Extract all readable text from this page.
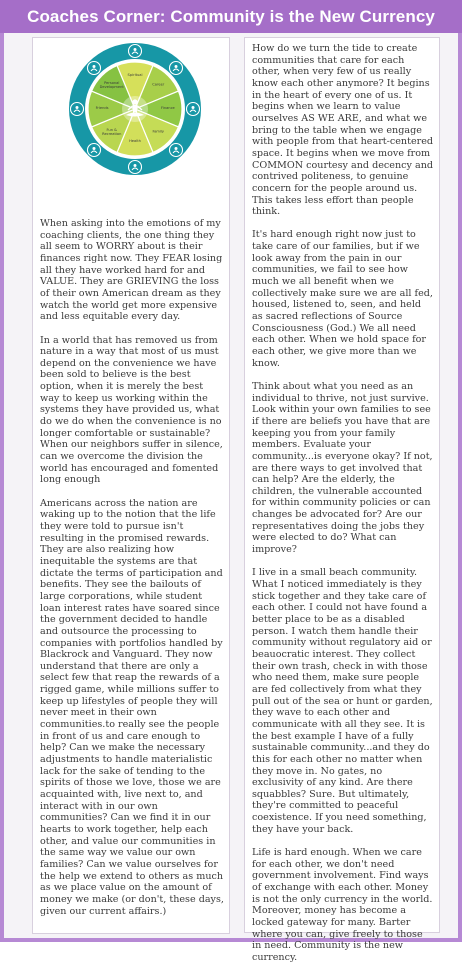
Coaches Corner: Community is the New Currency
Spiritual
Career
Finance
Family
Health
Fun & Recreation
Friends
Personal Development

When asking into the emotions of my coaching clients, the one thing they all seem to WORRY about is their finances right now. They FEAR losing all they have worked hard for and VALUE. They are GRIEVING the loss of their own American dream as they watch the world get more expensive and less equitable every day.

In a world that has removed us from nature in a way that most of us must depend on the convenience we have been sold to believe is the best option, when it is merely the best way to keep us working within the systems they have provided us, what do we do when the convenience is no longer comfortable or sustainable? When our neighbors suffer in silence, can we overcome the division the world has encouraged and fomented long enough

Americans across the nation are waking up to the notion that the life they were told to pursue isn't resulting in the promised rewards. They are also realizing how inequitable the systems are that dictate the terms of participation and benefits. They see the bailouts of large corporations, while student loan interest rates have soared since the government decided to handle and outsource the processing to companies with portfolios handled by Blackrock and Vanguard. They now understand that there are only a select few that reap the rewards of a rigged game, while millions suffer to keep up lifestyles of people they will never meet in their own communities.to really see the people in front of us and care enough to help? Can we make the necessary adjustments to handle materialistic lack for the sake of tending to the spirits of those we love, those we are acquainted with, live next to, and interact with in our own communities? Can we find it in our hearts to work together, help each other, and value our communities in the same way we value our own families? Can we value ourselves for the help we extend to others as much as we place value on the amount of money we make (or don't, these days, given our current affairs.)

How do we turn the tide to create communities that care for each other, when very few of us really know each other anymore? It begins in the heart of every one of us. It begins when we learn to value ourselves AS WE ARE, and what we bring to the table when we engage with people from that heart-centered space. It begins when we move from COMMON courtesy and decency and contrived politeness, to genuine concern for the people around us. This takes less effort than people think.

It's hard enough right now just to take care of our families, but if we look away from the pain in our communities, we fail to see how much we all benefit when we collectively make sure we are all fed, housed, listened to, seen, and held as sacred reflections of Source Consciousness (God.) We all need each other. When we hold space for each other, we give more than we know.

Think about what you need as an individual to thrive, not just survive. Look within your own families to see if there are beliefs you have that are keeping you from your family members. Evaluate your community...is everyone okay? If not, are there ways to get involved that can help? Are the elderly, the children, the vulnerable accounted for within community policies or can changes be advocated for? Are our representatives doing the jobs they were elected to do? What can improve?

I live in a small beach community. What I noticed immediately is they stick together and they take care of each other. I could not have found a better place to be as a disabled person. I watch them handle their community without regulatory aid or beauocratic interest. They collect their own trash, check in with those who need them, make sure people are fed collectively from what they pull out of the sea or hunt or garden, they wave to each other and communicate with all they see. It is the best example I have of a fully sustainable community...and they do this for each other no matter when they move in. No gates, no exclusivity of any kind. Are there squabbles? Sure. But ultimately, they're committed to peaceful coexistence. If you need something, they have your back.

Life is hard enough. When we care for each other, we don't need government involvement. Find ways of exchange with each other. Money is not the only currency in the world. Moreover, money has become a locked gateway for many. Barter where you can, give freely to those in need. Community is the new currency.
